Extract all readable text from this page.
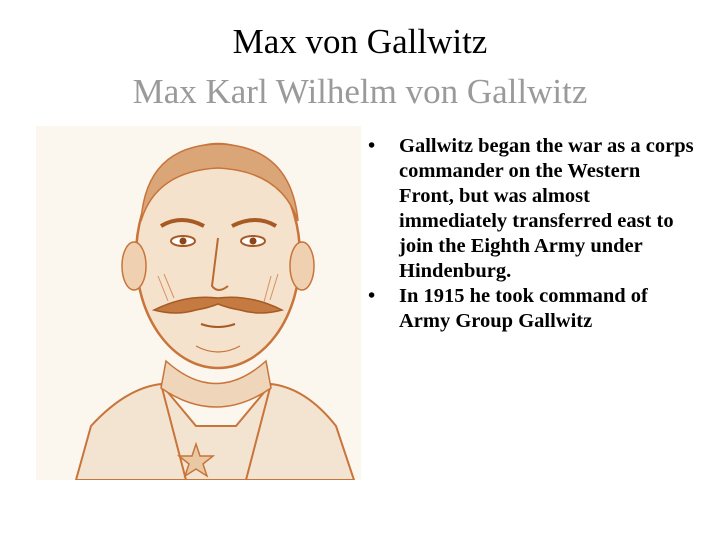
Max von Gallwitz
Max Karl Wilhelm von Gallwitz
• Gallwitz began the war as a corps commander on the Western Front, but was almost immediately transferred east to join the Eighth Army under Hindenburg.
• In 1915 he took command of Army Group Gallwitz
